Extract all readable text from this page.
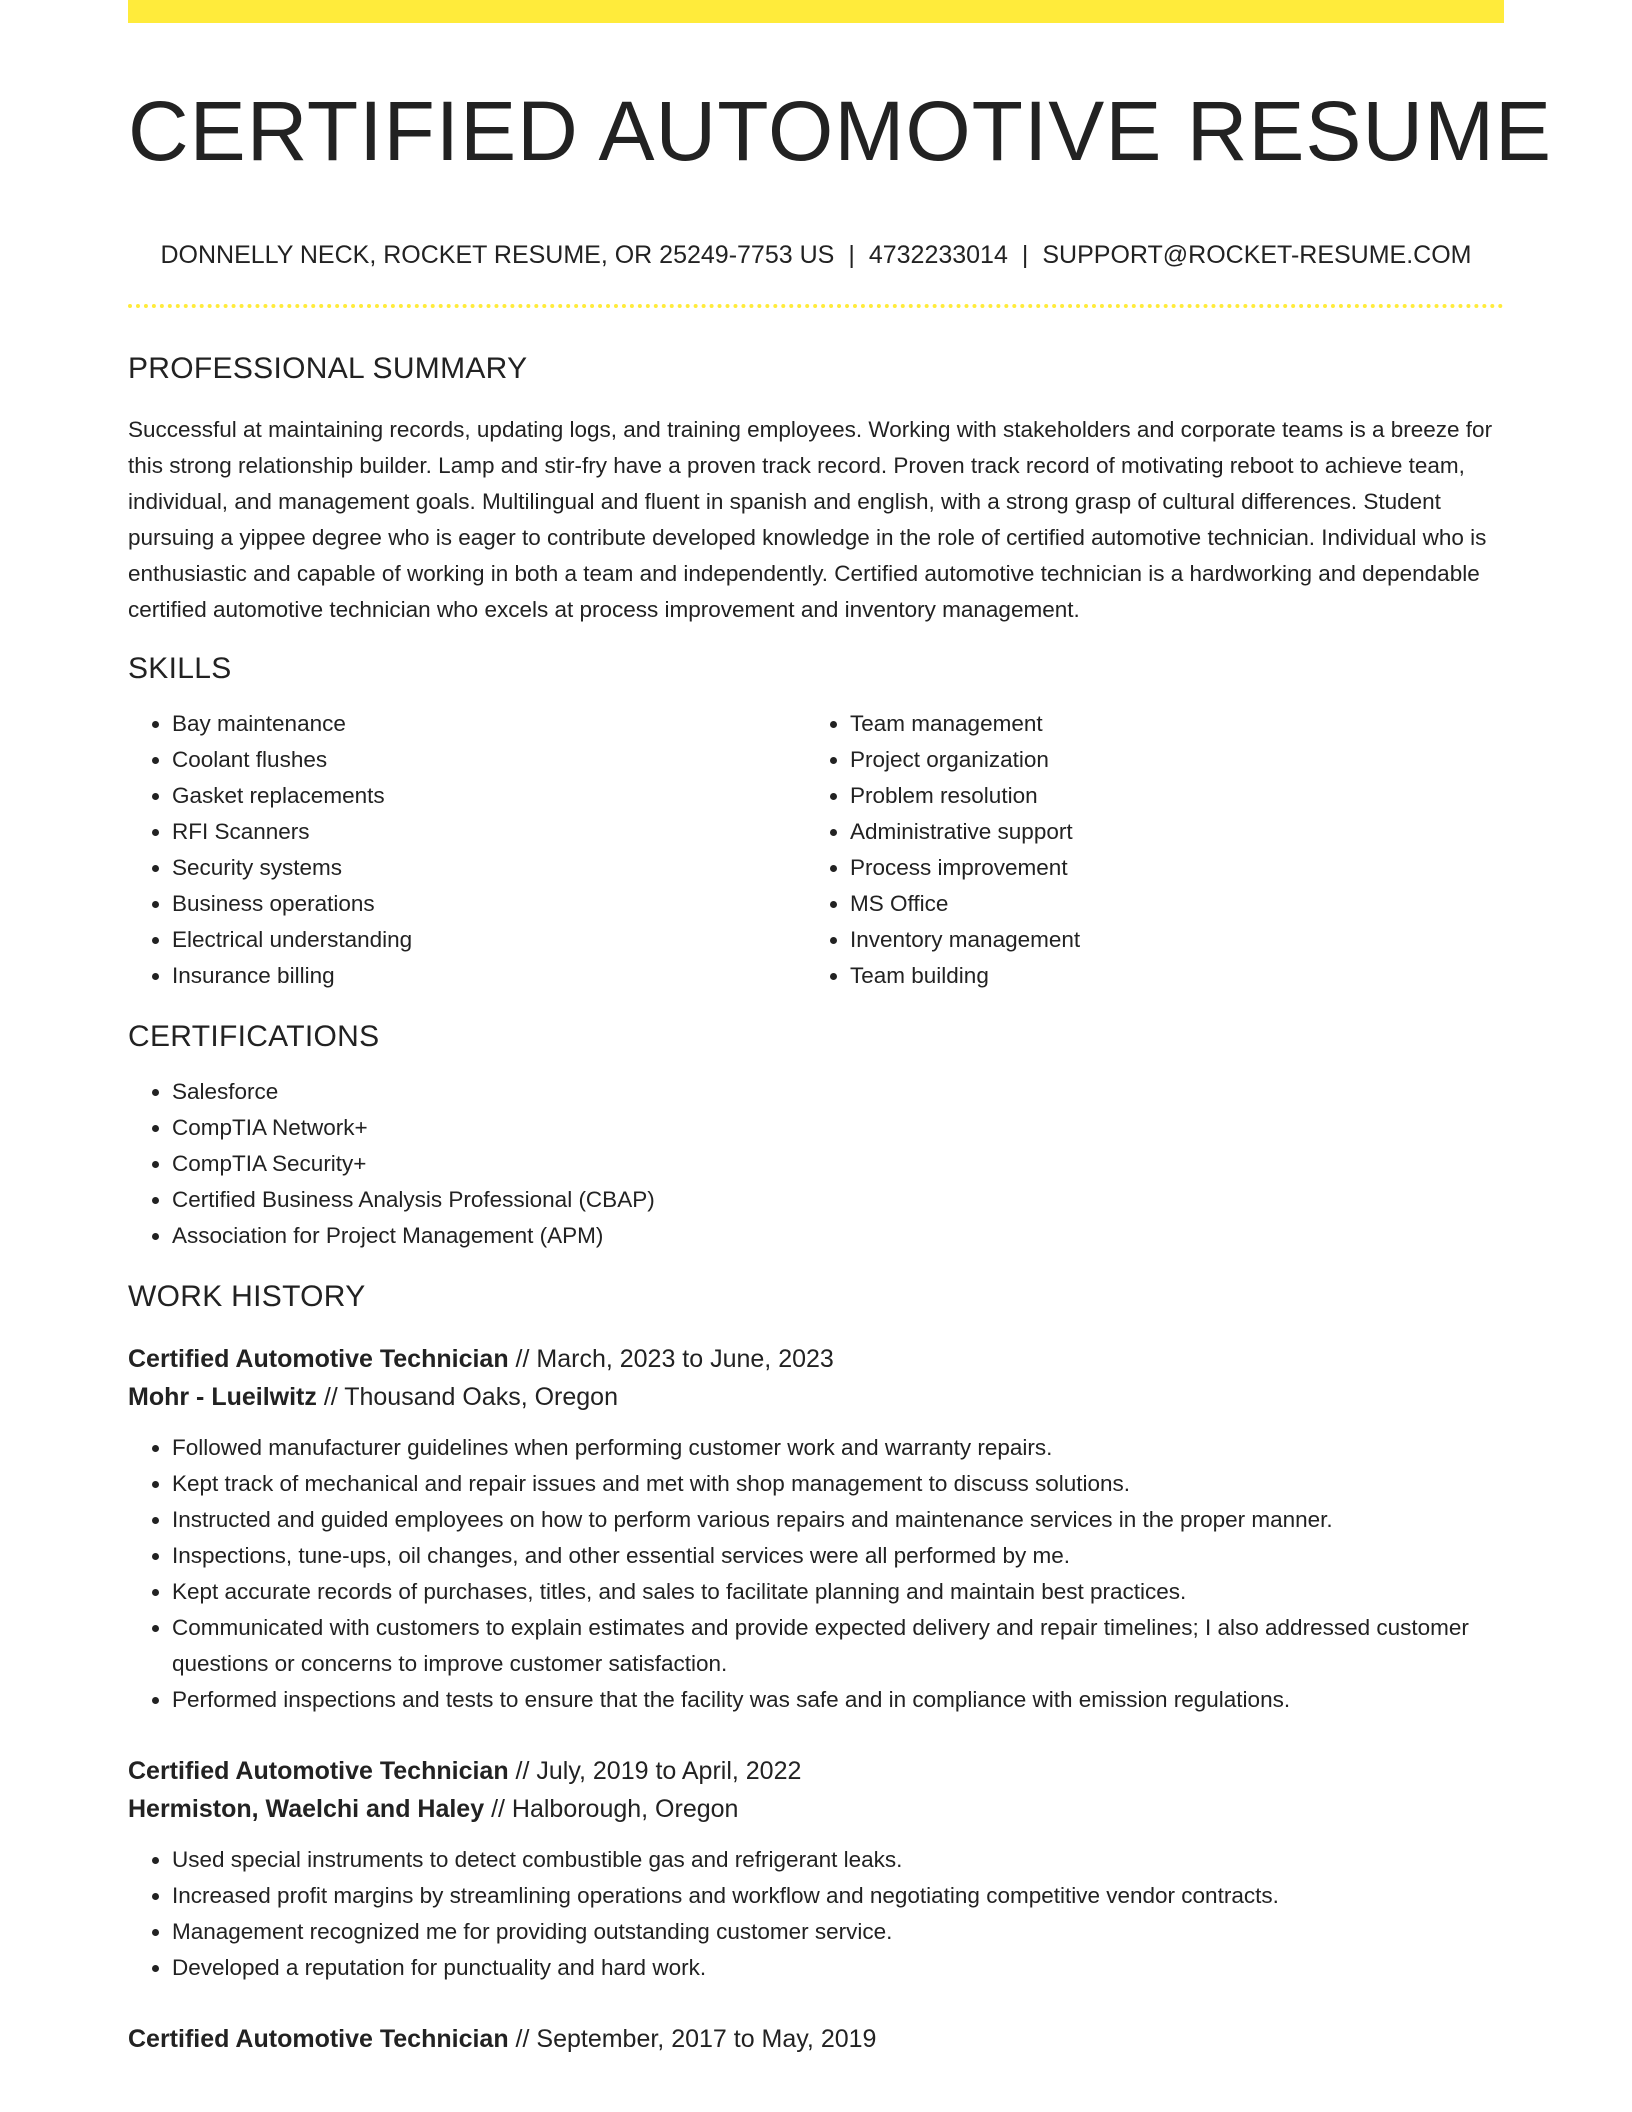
CERTIFIED AUTOMOTIVE RESUME
DONNELLY NECK, ROCKET RESUME, OR 25249-7753 US | 4732233014 | SUPPORT@ROCKET-RESUME.COM
PROFESSIONAL SUMMARY

Successful at maintaining records, updating logs, and training employees. Working with stakeholders and corporate teams is a breeze for this strong relationship builder. Lamp and stir-fry have a proven track record. Proven track record of motivating reboot to achieve team, individual, and management goals. Multilingual and fluent in spanish and english, with a strong grasp of cultural differences. Student pursuing a yippee degree who is eager to contribute developed knowledge in the role of certified automotive technician. Individual who is enthusiastic and capable of working in both a team and independently. Certified automotive technician is a hardworking and dependable certified automotive technician who excels at process improvement and inventory management.

SKILLS
• Bay maintenance
• Coolant flushes
• Gasket replacements
• RFI Scanners
• Security systems
• Business operations
• Electrical understanding
• Insurance billing
• Team management
• Project organization
• Problem resolution
• Administrative support
• Process improvement
• MS Office
• Inventory management
• Team building
CERTIFICATIONS
• Salesforce
• CompTIA Network+
• CompTIA Security+
• Certified Business Analysis Professional (CBAP)
• Association for Project Management (APM)
WORK HISTORY
Certified Automotive Technician // March, 2023 to June, 2023
Mohr - Lueilwitz // Thousand Oaks, Oregon
• Followed manufacturer guidelines when performing customer work and warranty repairs.
• Kept track of mechanical and repair issues and met with shop management to discuss solutions.
• Instructed and guided employees on how to perform various repairs and maintenance services in the proper manner.
• Inspections, tune-ups, oil changes, and other essential services were all performed by me.
• Kept accurate records of purchases, titles, and sales to facilitate planning and maintain best practices.
• Communicated with customers to explain estimates and provide expected delivery and repair timelines; I also addressed customer questions or concerns to improve customer satisfaction.
• Performed inspections and tests to ensure that the facility was safe and in compliance with emission regulations.
Certified Automotive Technician // July, 2019 to April, 2022
Hermiston, Waelchi and Haley // Halborough, Oregon
• Used special instruments to detect combustible gas and refrigerant leaks.
• Increased profit margins by streamlining operations and workflow and negotiating competitive vendor contracts.
• Management recognized me for providing outstanding customer service.
• Developed a reputation for punctuality and hard work.
Certified Automotive Technician // September, 2017 to May, 2019
